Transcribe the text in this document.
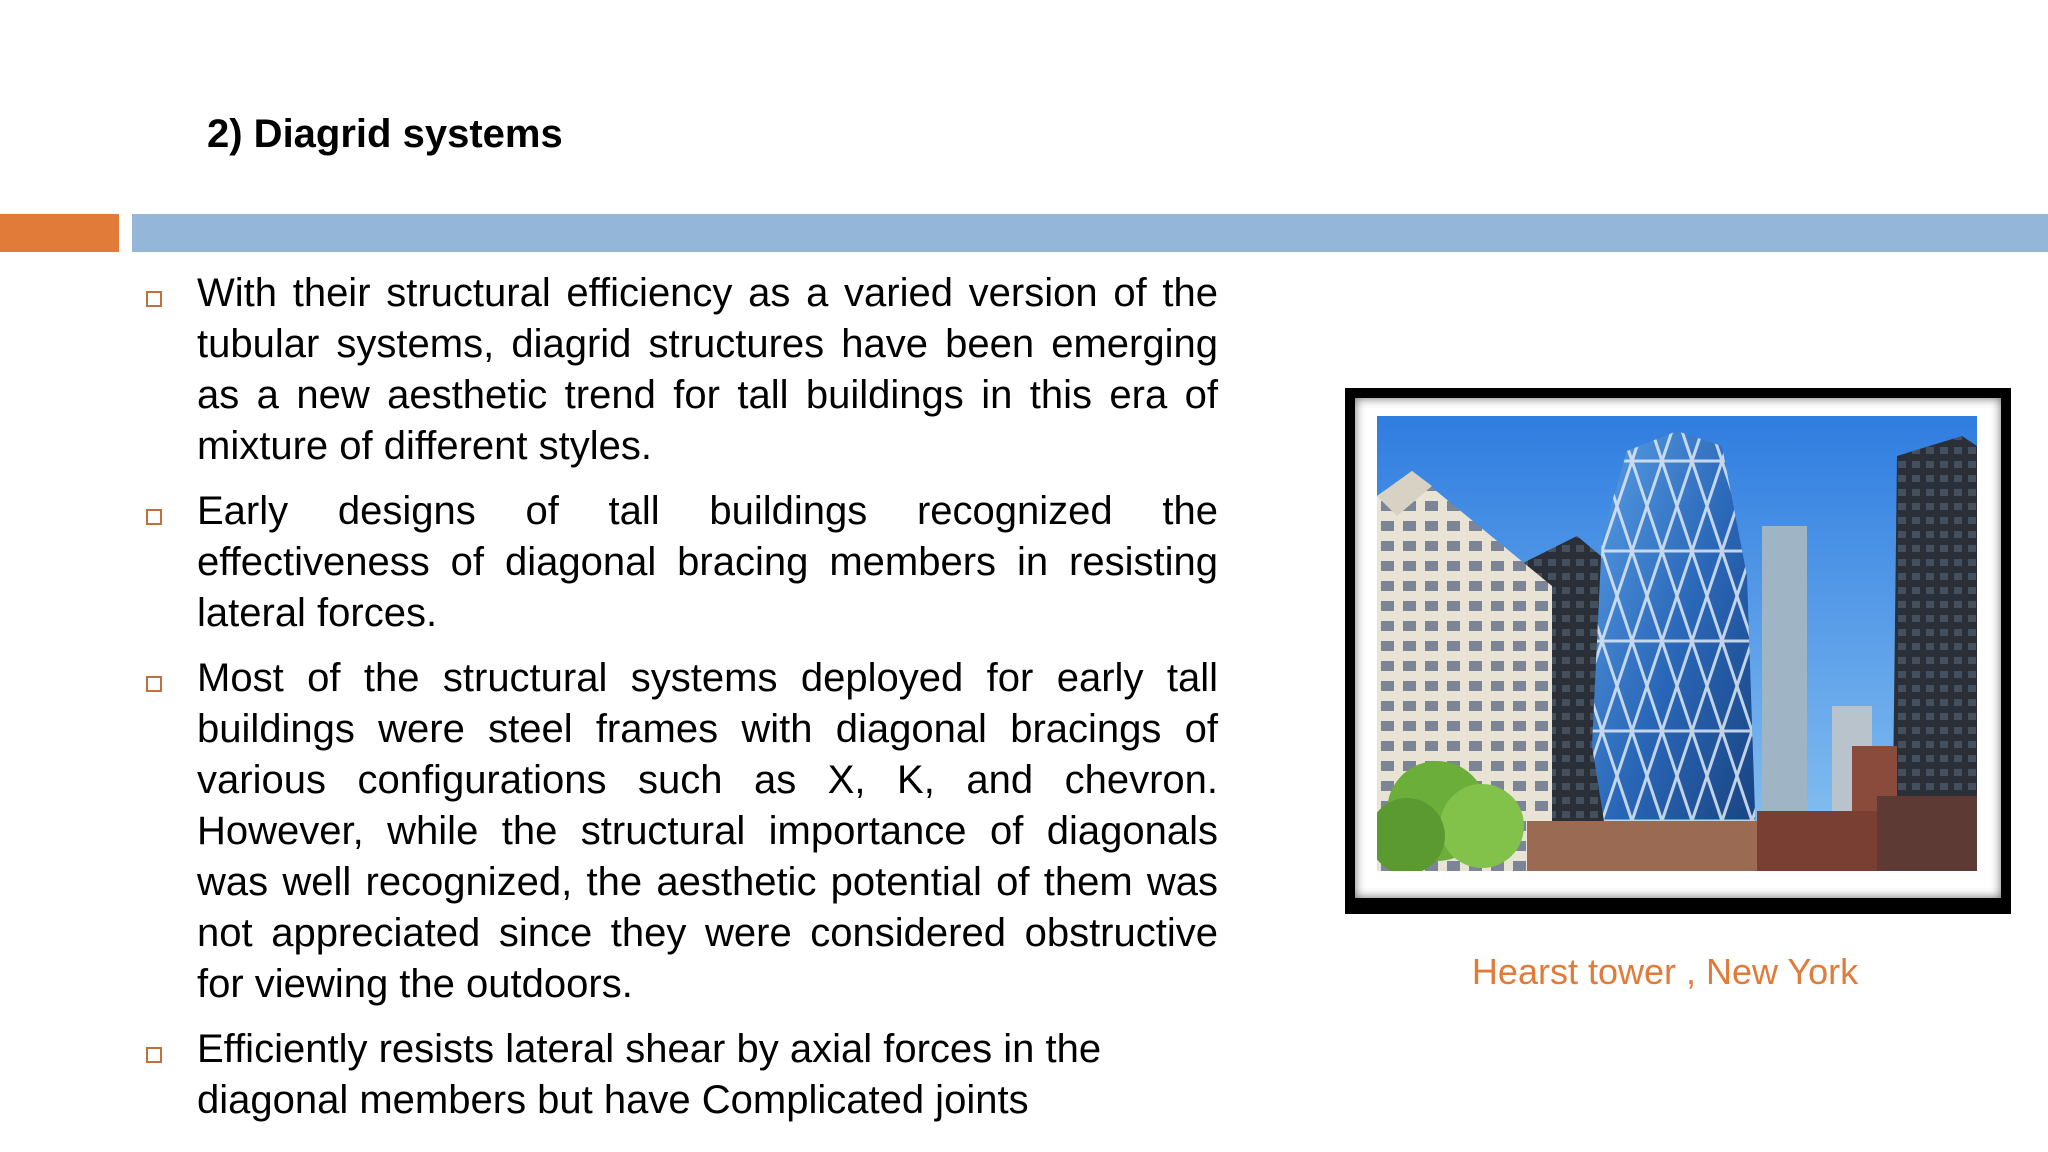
2) Diagrid systems
With their structural efficiency as a varied version of the tubular systems, diagrid structures have been emerging as a new aesthetic trend for tall buildings in this era of mixture of different styles.
Early designs of tall buildings recognized the effectiveness of diagonal bracing members in resisting lateral forces.
Most of the structural systems deployed for early tall buildings were steel frames with diagonal bracings of various configurations such as X, K, and chevron. However, while the structural importance of diagonals was well recognized, the aesthetic potential of them was not appreciated since they were considered obstructive for viewing the outdoors.
Efficiently resists lateral shear by axial forces in the diagonal members but have Complicated joints
Hearst tower , New York
